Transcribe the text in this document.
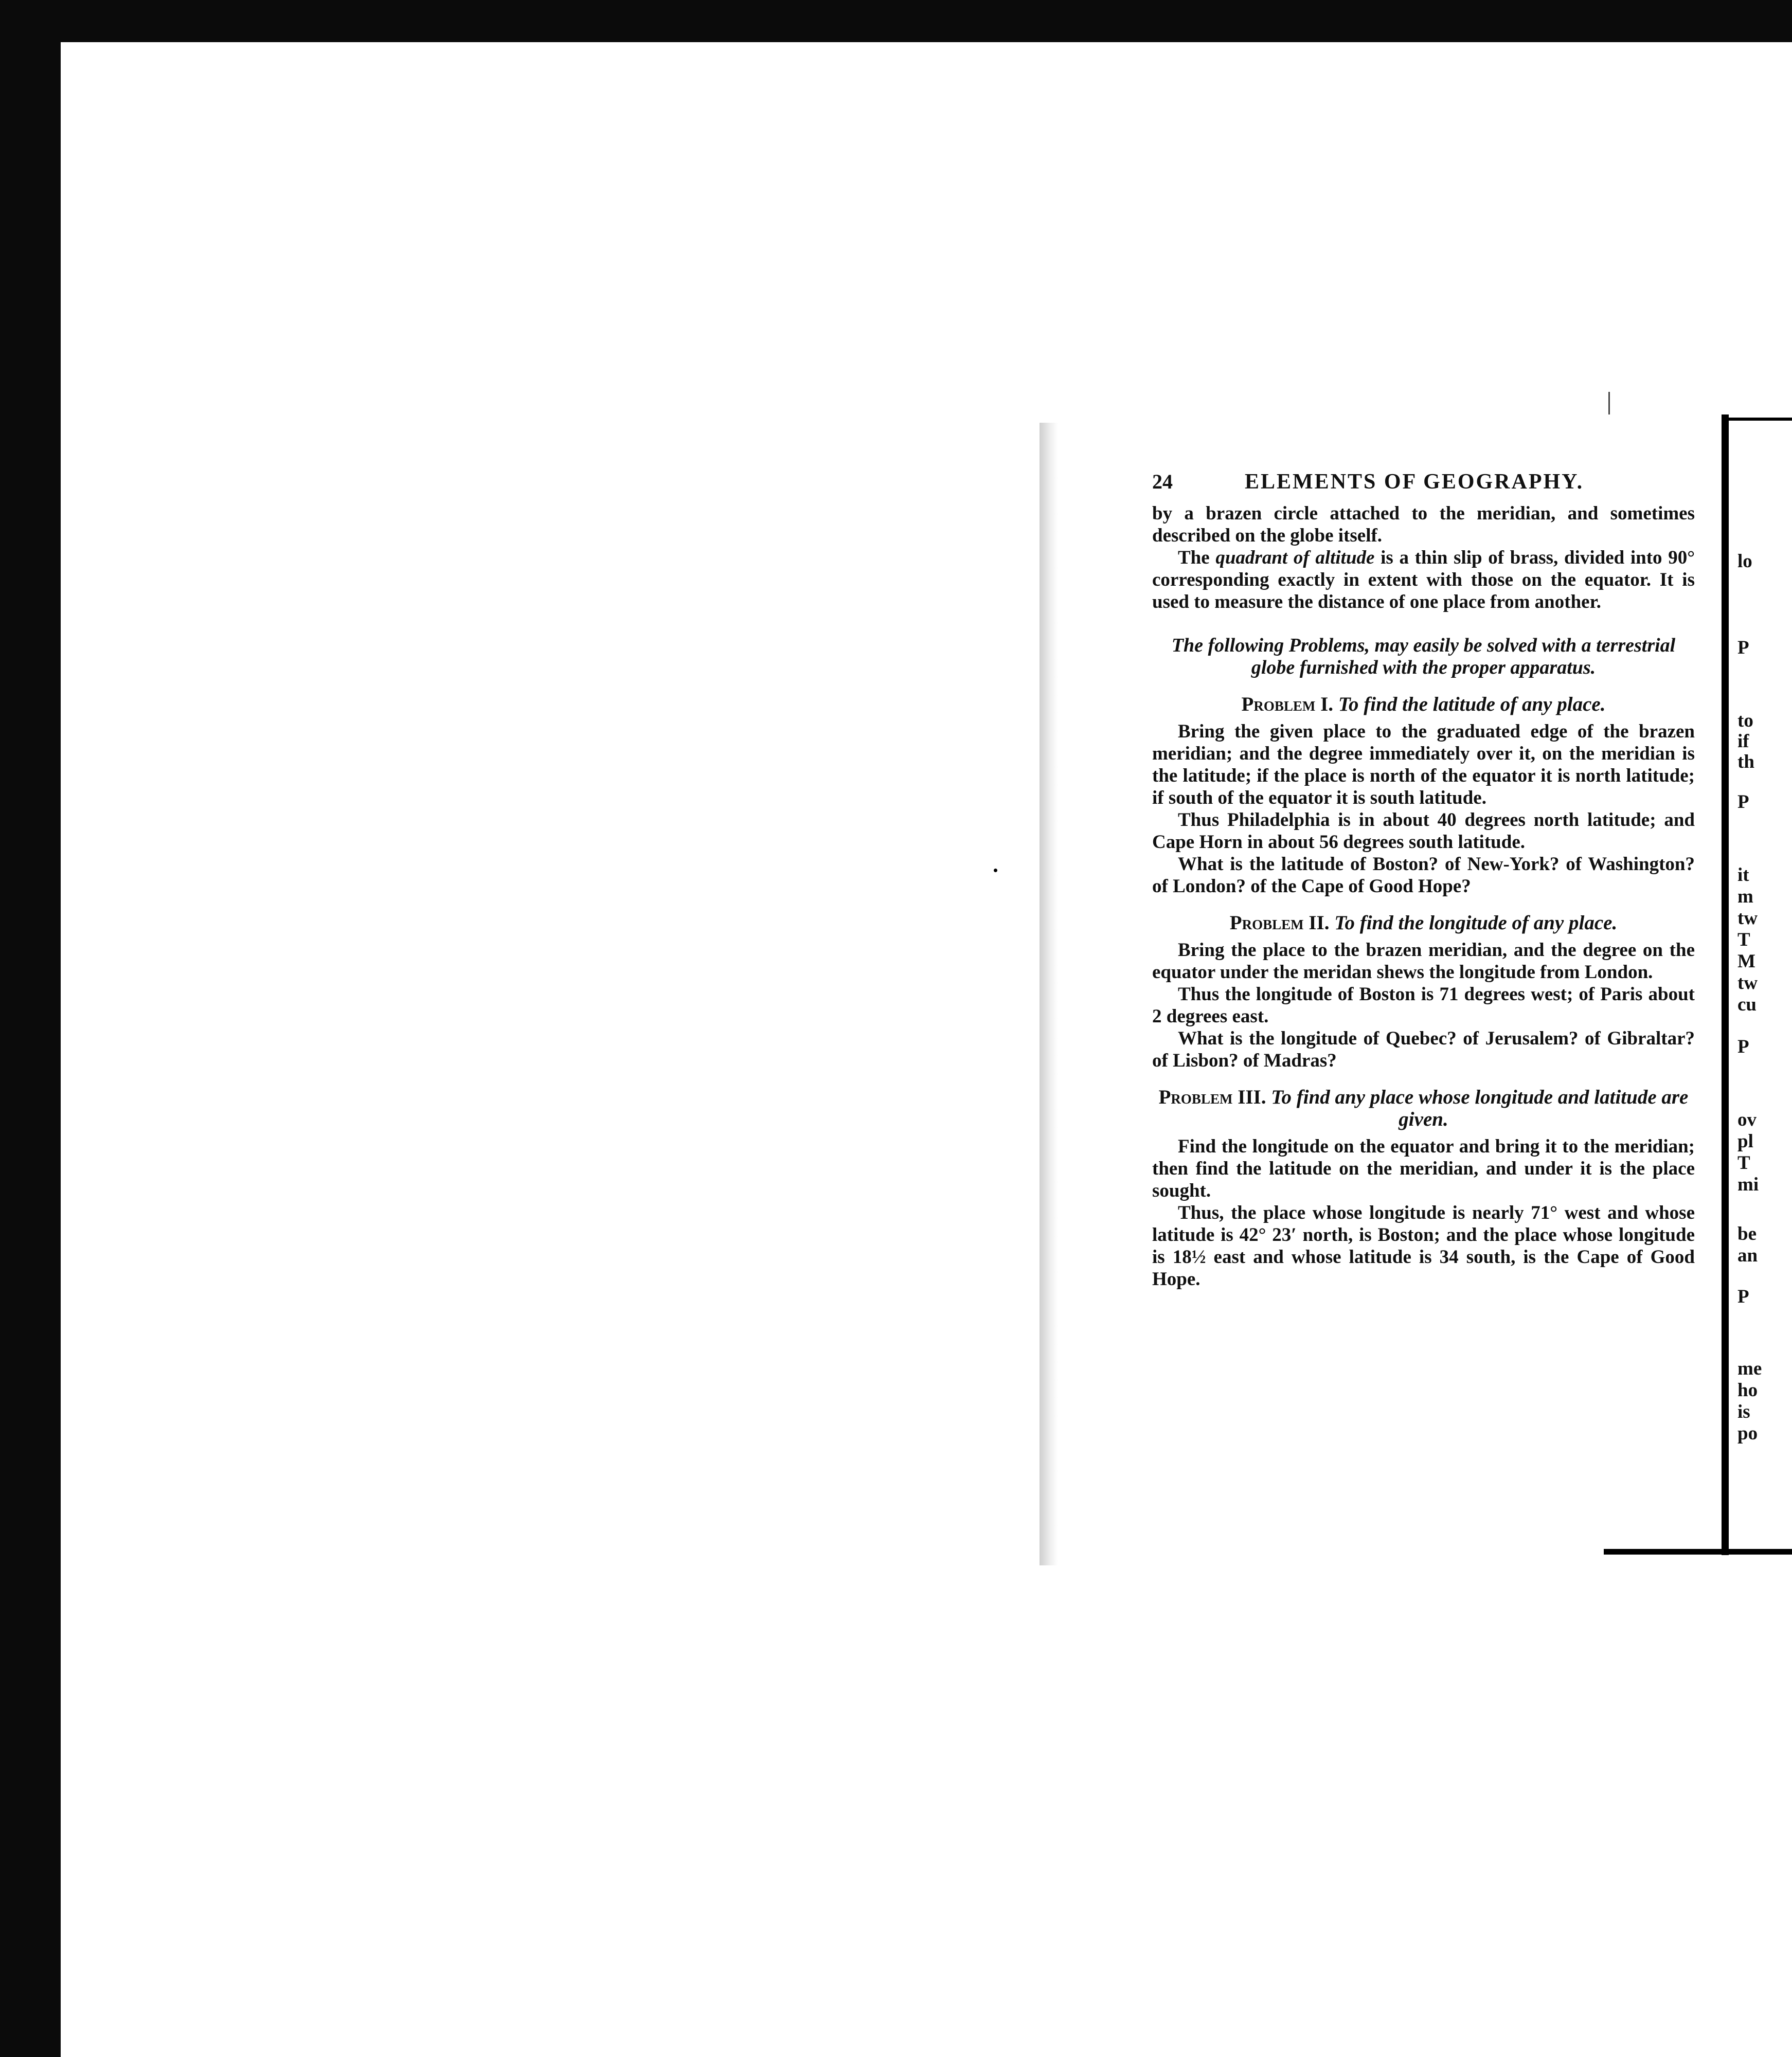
24	ELEMENTS OF GEOGRAPHY.

by a brazen circle attached to the meridian, and sometimes described on the globe itself.

The quadrant of altitude is a thin slip of brass, divided into 90° corresponding exactly in extent with those on the equator. It is used to measure the distance of one place from another.

The following Problems, may easily be solved with a terrestrial globe furnished with the proper apparatus.

Problem I. To find the latitude of any place.

Bring the given place to the graduated edge of the brazen meridian; and the degree immediately over it, on the meridian is the latitude; if the place is north of the equator it is north latitude; if south of the equator it is south latitude.

Thus Philadelphia is in about 40 degrees north latitude; and Cape Horn in about 56 degrees south latitude.

What is the latitude of Boston? of New-York? of Washington? of London? of the Cape of Good Hope?

Problem II. To find the longitude of any place.

Bring the place to the brazen meridian, and the degree on the equator under the meridan shews the longitude from London.

Thus the longitude of Boston is 71 degrees west; of Paris about 2 degrees east.

What is the longitude of Quebec? of Jerusalem? of Gibraltar? of Lisbon? of Madras?

Problem III. To find any place whose longitude and latitude are given.

Find the longitude on the equator and bring it to the meridian; then find the latitude on the meridian, and under it is the place sought.

Thus, the place whose longitude is nearly 71° west and whose latitude is 42° 23′ north, is Boston; and the place whose longitude is 18½ east and whose latitude is 34 south, is the Cape of Good Hope.

lo
P
to
if
th
P
it
m
tw
T
M
tw
cu
P
ov
pl
T
mi
be
an
P
me
ho
is
po
